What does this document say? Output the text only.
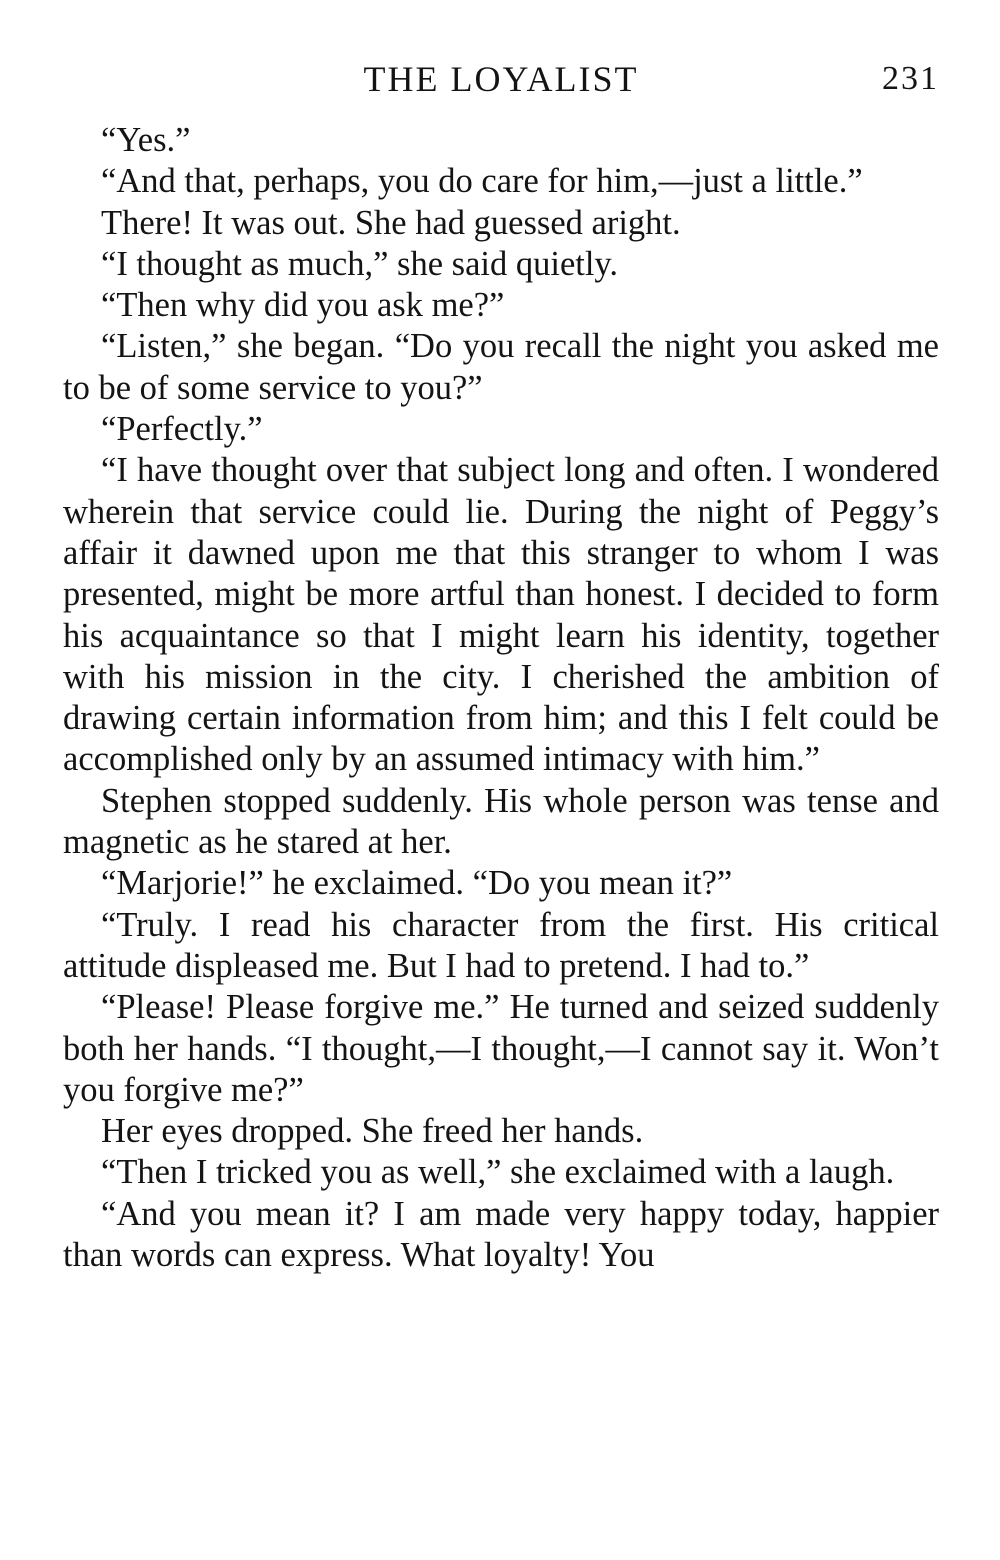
THE LOYALIST	231

“Yes.”

“And that, perhaps, you do care for him,—just a little.”

There! It was out. She had guessed aright.

“I thought as much,” she said quietly.

“Then why did you ask me?”

“Listen,” she began. “Do you recall the night you asked me to be of some service to you?”

“Perfectly.”

“I have thought over that subject long and often. I wondered wherein that service could lie. During the night of Peggy’s affair it dawned upon me that this stranger to whom I was presented, might be more artful than honest. I decided to form his acquaintance so that I might learn his identity, together with his mission in the city. I cherished the ambition of drawing certain information from him; and this I felt could be accomplished only by an assumed intimacy with him.”

Stephen stopped suddenly. His whole person was tense and magnetic as he stared at her.

“Marjorie!” he exclaimed. “Do you mean it?”

“Truly. I read his character from the first. His critical attitude displeased me. But I had to pretend. I had to.”

“Please! Please forgive me.” He turned and seized suddenly both her hands. “I thought,—I thought,—I cannot say it. Won’t you forgive me?”

Her eyes dropped. She freed her hands.

“Then I tricked you as well,” she exclaimed with a laugh.

“And you mean it? I am made very happy today, happier than words can express. What loyalty! You
